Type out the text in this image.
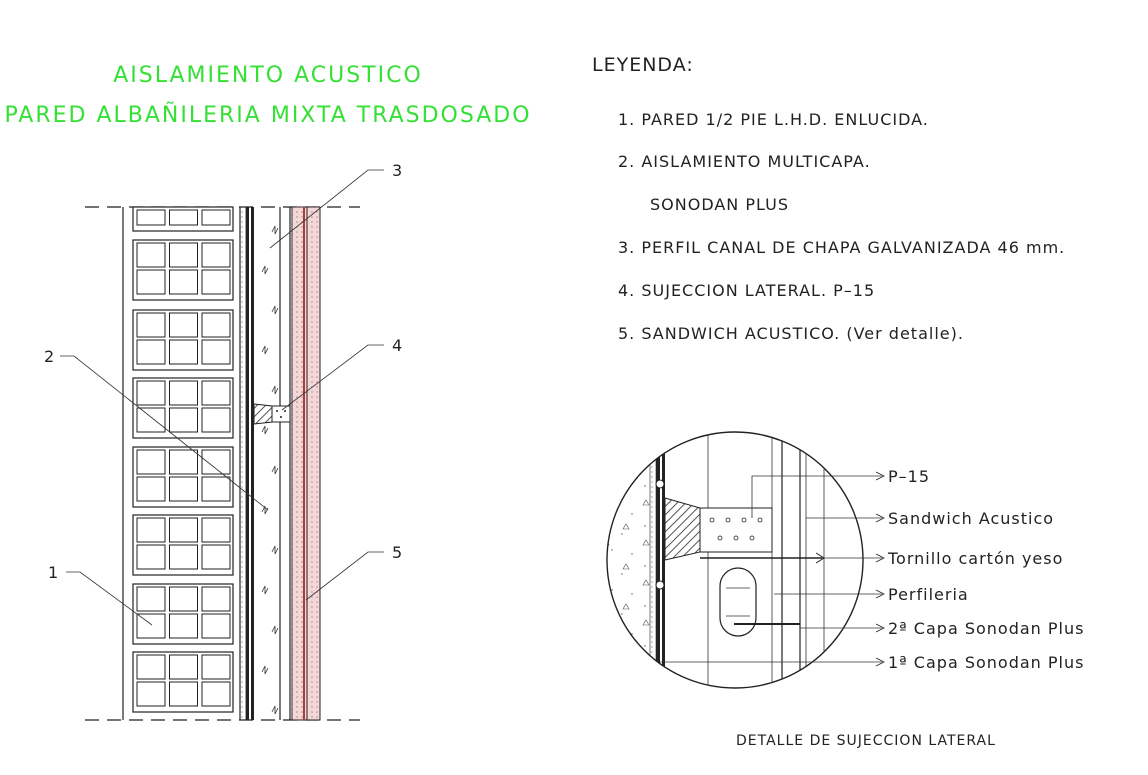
AISLAMIENTO ACUSTICO
PARED ALBAÑILERIA MIXTA TRASDOSADO
1
2
3
4
5
LEYENDA:
1. PARED 1/2 PIE L.H.D. ENLUCIDA.
2. AISLAMIENTO MULTICAPA.
SONODAN PLUS
3. PERFIL CANAL DE CHAPA GALVANIZADA 46 mm.
4. SUJECCION LATERAL. P–15
5. SANDWICH ACUSTICO. (Ver detalle).
P–15
Sandwich Acustico
Tornillo cartón yeso
Perfileria
2ª Capa Sonodan Plus
1ª Capa Sonodan Plus
DETALLE DE SUJECCION LATERAL
